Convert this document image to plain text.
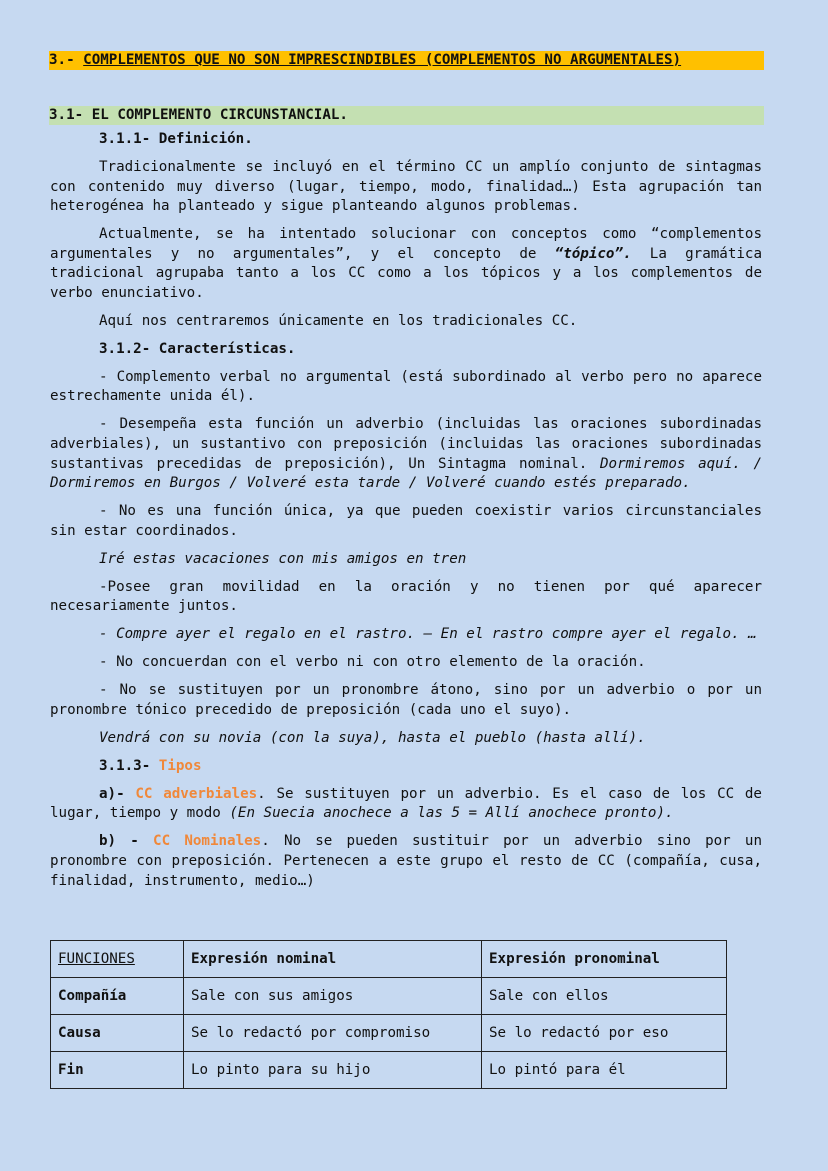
3.- COMPLEMENTOS QUE NO SON IMPRESCINDIBLES (COMPLEMENTOS NO ARGUMENTALES)
3.1- EL COMPLEMENTO CIRCUNSTANCIAL.

3.1.1- Definición.

Tradicionalmente se incluyó en el término CC un amplío conjunto de sintagmas con contenido muy diverso (lugar, tiempo, modo, finalidad…) Esta agrupación tan heterogénea ha planteado y sigue planteando algunos problemas.

Actualmente, se ha intentado solucionar con conceptos como “complementos argumentales y no argumentales”, y el concepto de “tópico”. La gramática tradicional agrupaba tanto a los CC como a los tópicos y a los complementos de verbo enunciativo.

Aquí nos centraremos únicamente en los tradicionales CC.

3.1.2- Características.

- Complemento verbal no argumental (está subordinado al verbo pero no aparece estrechamente unida él).

- Desempeña esta función un adverbio (incluidas las oraciones subordinadas adverbiales), un sustantivo con preposición (incluidas las oraciones subordinadas sustantivas precedidas de preposición), Un Sintagma nominal. Dormiremos aquí. / Dormiremos en Burgos / Volveré esta tarde / Volveré cuando estés preparado.

- No es una función única, ya que pueden coexistir varios circunstanciales sin estar coordinados.

Iré estas vacaciones con mis amigos en tren

-Posee gran movilidad en la oración y no tienen por qué aparecer necesariamente juntos.

- Compre ayer el regalo en el rastro. – En el rastro compre ayer el regalo. …

- No concuerdan con el verbo ni con otro elemento de la oración.

- No se sustituyen por un pronombre átono, sino por un adverbio o por un pronombre tónico precedido de preposición (cada uno el suyo).

Vendrá con su novia (con la suya), hasta el pueblo (hasta allí).

3.1.3- Tipos

a)- CC adverbiales. Se sustituyen por un adverbio. Es el caso de los CC de lugar, tiempo y modo (En Suecia anochece a las 5 = Allí anochece pronto).

b) - CC Nominales. No se pueden sustituir por un adverbio sino por un pronombre con preposición. Pertenecen a este grupo el resto de CC (compañía, cusa, finalidad, instrumento, medio…)

FUNCIONES	Expresión nominal	Expresión pronominal
Compañía	Sale con sus amigos	Sale con ellos
Causa	Se lo redactó por compromiso	Se lo redactó por eso
Fin	Lo pinto para su hijo	Lo pintó para él
